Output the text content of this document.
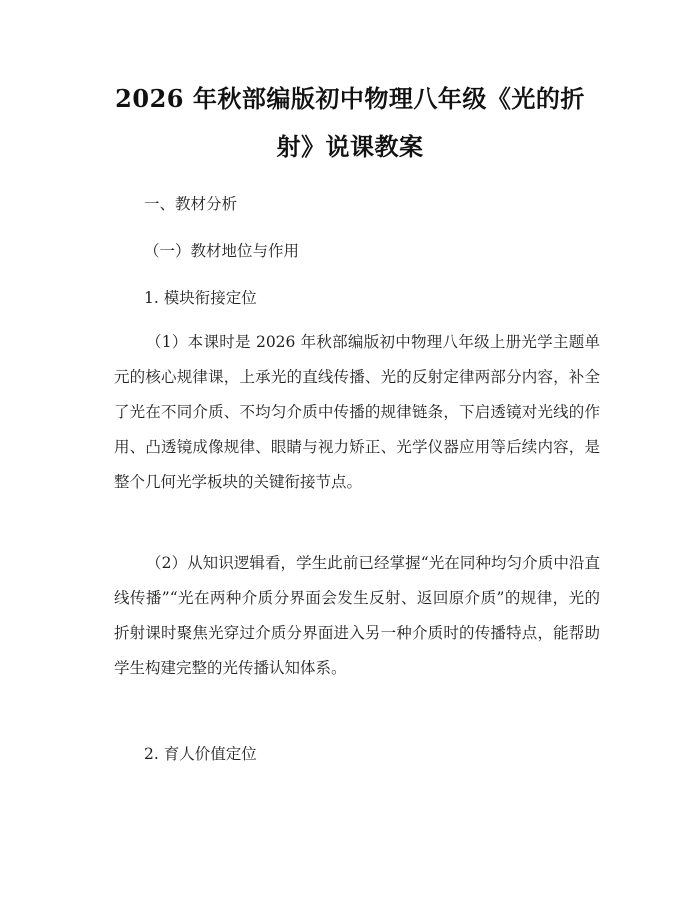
2026 年秋部编版初中物理八年级《光的折
射》说课教案
一、教材分析
（一）教材地位与作用
1. 模块衔接定位
（1）本课时是 2026 年秋部编版初中物理八年级上册光学主题单元的核心规律课，上承光的直线传播、光的反射定律两部分内容，补全了光在不同介质、不均匀介质中传播的规律链条，下启透镜对光线的作用、凸透镜成像规律、眼睛与视力矫正、光学仪器应用等后续内容，是整个几何光学板块的关键衔接节点。
（2）从知识逻辑看，学生此前已经掌握“光在同种均匀介质中沿直线传播”“光在两种介质分界面会发生反射、返回原介质”的规律，光的折射课时聚焦光穿过介质分界面进入另一种介质时的传播特点，能帮助学生构建完整的光传播认知体系。
2. 育人价值定位
